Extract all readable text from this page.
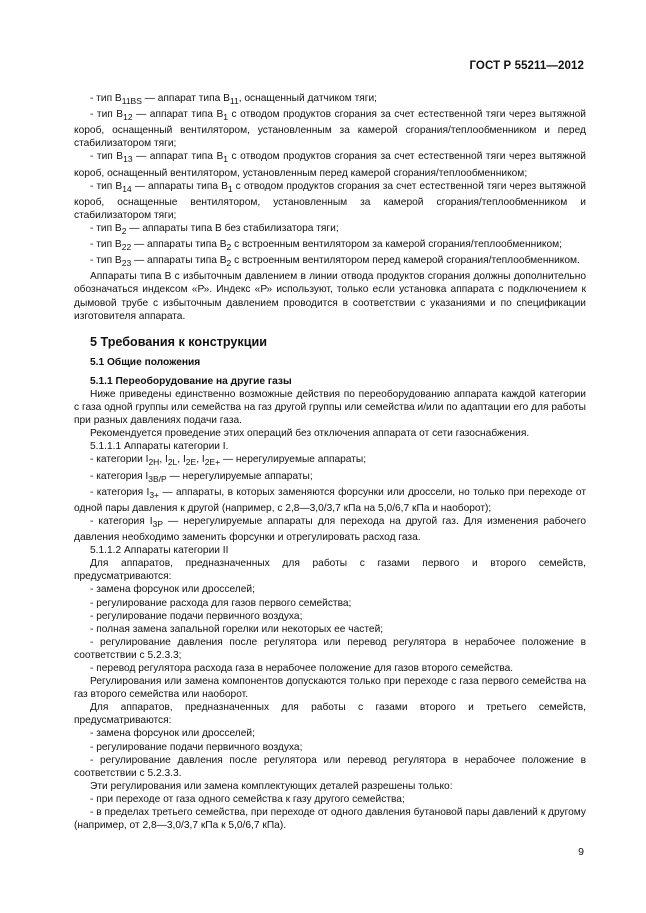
ГОСТ Р 55211—2012

- тип $В_{11BS}$ — аппарат типа $В_{11}$, оснащенный датчиком тяги;

- тип $В_{12}$ — аппарат типа $В_1$ с отводом продуктов сгорания за счет естественной тяги через вытяжной короб, оснащенный вентилятором, установленным за камерой сгорания/теплообменником и перед стабилизатором тяги;

- тип $В_{13}$ — аппарат типа $В_1$ с отводом продуктов сгорания за счет естественной тяги через вытяжной короб, оснащенный вентилятором, установленным перед камерой сгорания/теплообменником;

- тип $В_{14}$ — аппараты типа $В_1$ с отводом продуктов сгорания за счет естественной тяги через вытяжной короб, оснащенные вентилятором, установленным за камерой сгорания/теплообменником и стабилизатором тяги;

- тип $В_2$ — аппараты типа В без стабилизатора тяги;

- тип $В_{22}$ — аппараты типа $В_2$ с встроенным вентилятором за камерой сгорания/теплообменником;

- тип $В_{23}$ — аппараты типа $В_2$ с встроенным вентилятором перед камерой сгорания/теплообменником.

Аппараты типа В с избыточным давлением в линии отвода продуктов сгорания должны дополнительно обозначаться индексом «Р». Индекс «Р» используют, только если установка аппарата с подключением к дымовой трубе с избыточным давлением проводится в соответствии с указаниями и по спецификации изготовителя аппарата.

5 Требования к конструкции

5.1 Общие положения

5.1.1 Переоборудование на другие газы

Ниже приведены единственно возможные действия по переоборудованию аппарата каждой категории с газа одной группы или семейства на газ другой группы или семейства и/или по адаптации его для работы при разных давлениях подачи газа.

Рекомендуется проведение этих операций без отключения аппарата от сети газоснабжения.

5.1.1.1 Аппараты категории I.

- категории $I_{2H}$, $I_{2L}$, $I_{2E}$, $I_{2E+}$ — нерегулируемые аппараты;

- категория $I_{3B/P}$ — нерегулируемые аппараты;

- категория $I_{3+}$ — аппараты, в которых заменяются форсунки или дроссели, но только при переходе от одной пары давления к другой (например, с 2,8—3,0/3,7 кПа на 5,0/6,7 кПа и наоборот);

- категория $I_{3P}$ — нерегулируемые аппараты для перехода на другой газ. Для изменения рабочего давления необходимо заменить форсунки и отрегулировать расход газа.

5.1.1.2 Аппараты категории II

Для аппаратов, предназначенных для работы с газами первого и второго семейств, предусматриваются:

- замена форсунок или дросселей;

- регулирование расхода для газов первого семейства;

- регулирование подачи первичного воздуха;

- полная замена запальной горелки или некоторых ее частей;

- регулирование давления после регулятора или перевод регулятора в нерабочее положение в соответствии с 5.2.3.3;

- перевод регулятора расхода газа в нерабочее положение для газов второго семейства.

Регулирования или замена компонентов допускаются только при переходе с газа первого семейства на газ второго семейства или наоборот.

Для аппаратов, предназначенных для работы с газами второго и третьего семейств, предусматриваются:

- замена форсунок или дросселей;

- регулирование подачи первичного воздуха;

- регулирование давления после регулятора или перевод регулятора в нерабочее положение в соответствии с 5.2.3.3.

Эти регулирования или замена комплектующих деталей разрешены только:

- при переходе от газа одного семейства к газу другого семейства;

- в пределах третьего семейства, при переходе от одного давления бутановой пары давлений к другому (например, от 2,8—3,0/3,7 кПа к 5,0/6,7 кПа).

9
